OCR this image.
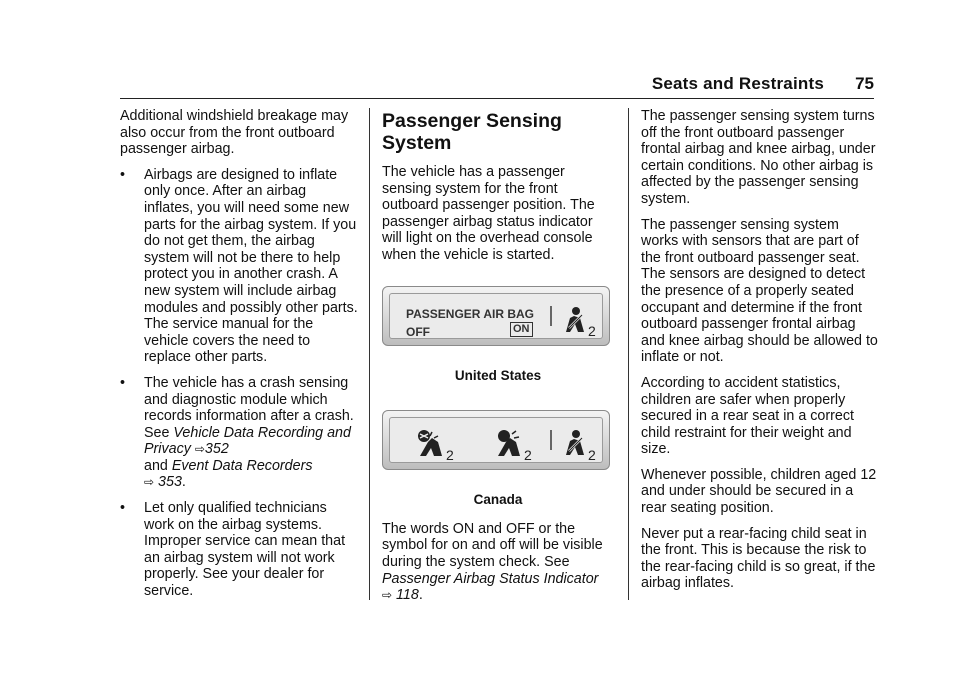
Seats and Restraints 75

Additional windshield breakage may also occur from the front outboard passenger airbag.

• Airbags are designed to inflate only once. After an airbag inflates, you will need some new parts for the airbag system. If you do not get them, the airbag system will not be there to help protect you in another crash. A new system will include airbag modules and possibly other parts. The service manual for the vehicle covers the need to replace other parts.
• The vehicle has a crash sensing and diagnostic module which records information after a crash. See Vehicle Data Recording and Privacy ⇨352
and Event Data Recorders
⇨ 353.
• Let only qualified technicians work on the airbag systems. Improper service can mean that an airbag system will not work properly. See your dealer for service.
Passenger Sensing System

The vehicle has a passenger sensing system for the front outboard passenger position. The passenger airbag status indicator will light on the overhead console when the vehicle is started.

PASSENGER AIR BAG
OFF	ON	2
United States
2	2	2
Canada

The words ON and OFF or the symbol for on and off will be visible during the system check. See Passenger Airbag Status Indicator
⇨ 118.

The passenger sensing system turns off the front outboard passenger frontal airbag and knee airbag, under certain conditions. No other airbag is affected by the passenger sensing system.

The passenger sensing system works with sensors that are part of the front outboard passenger seat. The sensors are designed to detect the presence of a properly seated occupant and determine if the front outboard passenger frontal airbag and knee airbag should be allowed to inflate or not.

According to accident statistics, children are safer when properly secured in a rear seat in a correct child restraint for their weight and size.

Whenever possible, children aged 12 and under should be secured in a rear seating position.

Never put a rear-facing child seat in the front. This is because the risk to the rear-facing child is so great, if the airbag inflates.
